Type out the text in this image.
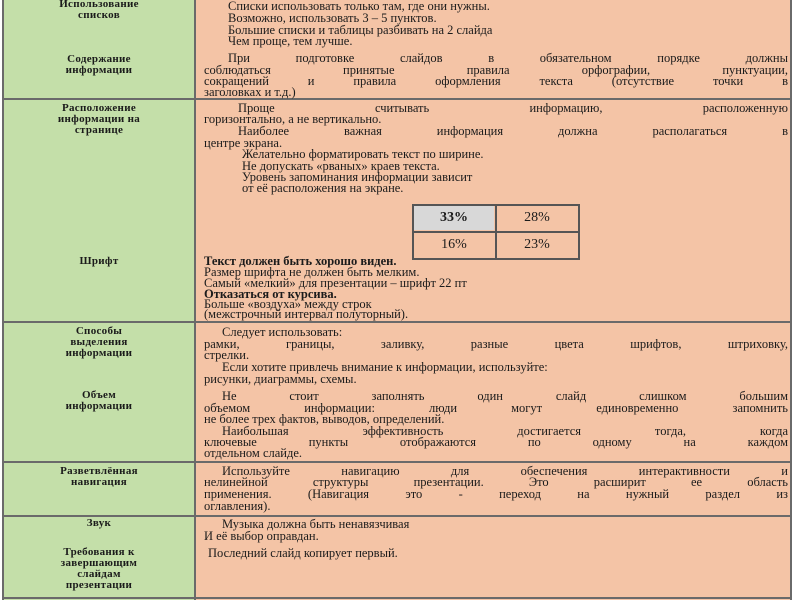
Использование
списков
Содержание
информации
Расположение
информации на
странице
Шрифт
Способы
выделения
информации
Объем
информации
Разветвлённая
навигация
Звук
Требования к
завершающим
слайдам
презентации
Списки использовать только там, где они нужны.
Возможно, использовать 3 – 5 пунктов.
Большие списки и таблицы разбивать на 2 слайда
Чем проще, тем лучше.
При подготовке слайдов в обязательном порядке должны
соблюдаться принятые правила орфографии, пунктуации,
сокращений и правила оформления текста (отсутствие точки в
заголовках и т.д.)
Проще считывать информацию, расположенную
горизонтально, а не вертикально.
Наиболее важная информация должна располагаться в
центре экрана.
Желательно форматировать текст по ширине.
Не допускать «рваных» краев текста.
Уровень запоминания информации зависит
от её расположения на экране.
33%	28%
16%	23%
Текст должен быть хорошо виден.
Размер шрифта не должен быть мелким.
Самый «мелкий» для презентации – шрифт 22 пт
Отказаться от курсива.
Больше «воздуха» между строк
(межстрочный интервал полуторный).
Следует использовать:
рамки, границы, заливку, разные цвета шрифтов, штриховку,
стрелки.
Если хотите привлечь внимание к информации, используйте:
рисунки, диаграммы, схемы.
Не стоит заполнять один слайд слишком большим
объемом информации: люди могут единовременно запомнить
не более трех фактов, выводов, определений.
Наибольшая эффективность достигается тогда, когда
ключевые пункты отображаются по одному на каждом
отдельном слайде.
Используйте навигацию для обеспечения интерактивности и
нелинейной структуры презентации. Это расширит ее область
применения. (Навигация это - переход на нужный раздел из
оглавления).
Музыка должна быть ненавязчивая
И её выбор оправдан.
Последний слайд копирует первый.
